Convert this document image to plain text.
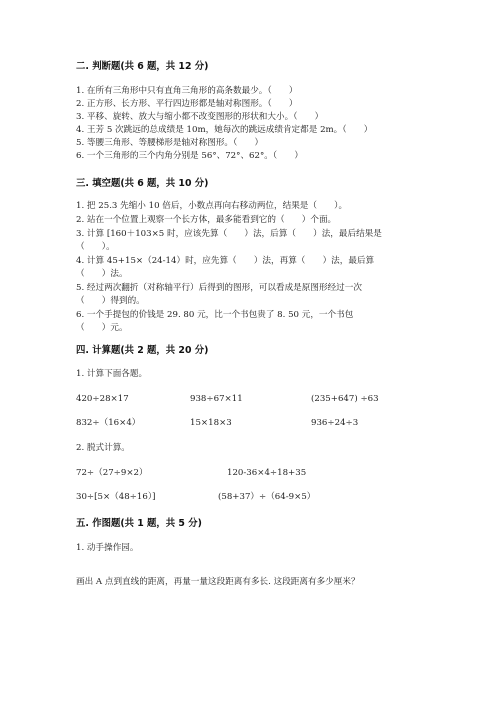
二. 判断题(共 6 题，共 12 分)
1. 在所有三角形中只有直角三角形的高条数最少。（　　）
2. 正方形、长方形、平行四边形都是轴对称图形。（　　）
3. 平移、旋转、放大与缩小都不改变图形的形状和大小。（　　）
4. 王芳 5 次跳远的总成绩是 10m，她每次的跳远成绩肯定都是 2m。（　　）
5. 等腰三角形、等腰梯形是轴对称图形。（　　）
6. 一个三角形的三个内角分别是 56°、72°、62°。（　　）
三. 填空题(共 6 题，共 10 分)
1. 把 25.3 先缩小 10 倍后，小数点再向右移动两位，结果是（　　）。
2. 站在一个位置上观察一个长方体，最多能看到它的（　　）个面。
3. 计算 [160＋103×5 时，应该先算（　　）法，后算（　　）法，最后结果是
（　　）。
4. 计算 45+15×（24-14）时，应先算（　　）法，再算（　　）法，最后算
（　　）法。
5. 经过两次翻折（对称轴平行）后得到的图形，可以看成是原图形经过一次
（　　）得到的。
6. 一个手提包的价钱是 29. 80 元，比一个书包贵了 8. 50 元，一个书包
（　　）元。
四. 计算题(共 2 题，共 20 分)
1. 计算下面各题。
420÷28×17	938÷67×11	(235+647) ÷63
832÷（16×4）	15×18×3	936÷24÷3
2. 脱式计算。
72÷（27÷9×2）	120-36×4÷18+35
30÷[5×（48÷16）]	(58+37）÷（64-9×5）
五. 作图题(共 1 题，共 5 分)
1. 动手操作园。
画出 A 点到直线的距离，再量一量这段距离有多长. 这段距离有多少厘米？
